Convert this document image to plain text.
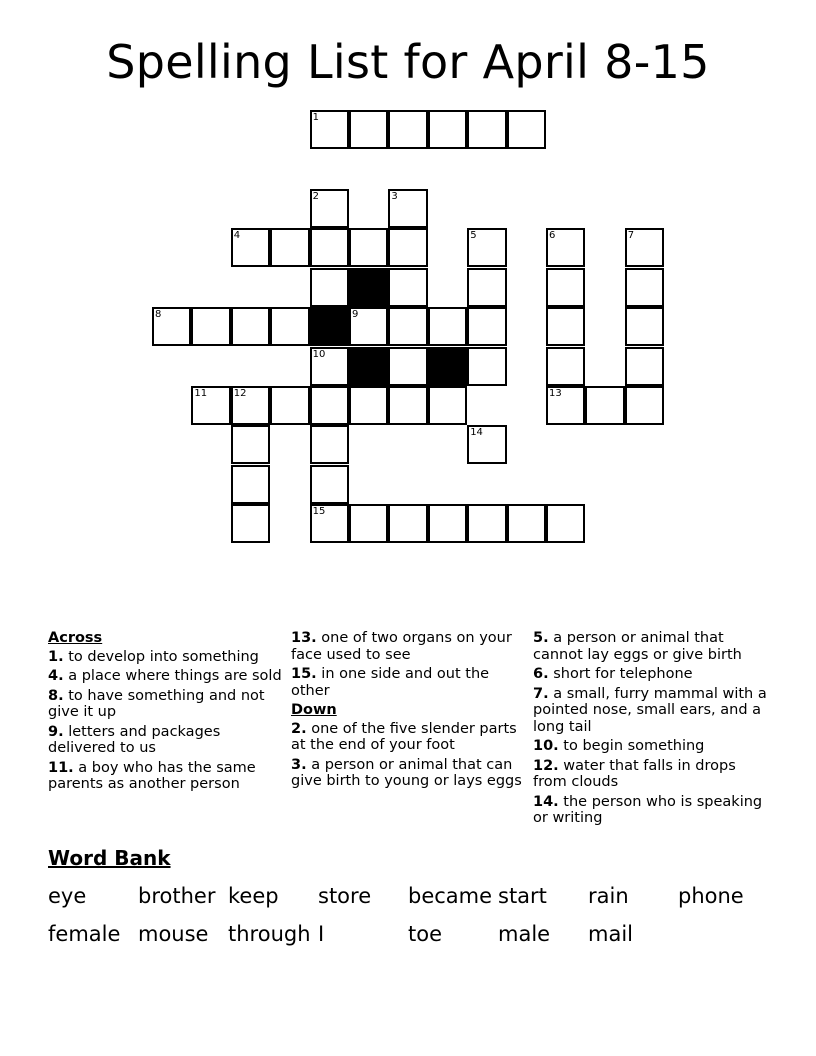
Spelling List for April 8-15
1
2	3
4	5	6	7
8	9
10
11	12	13
14
15
Across
1. to develop into something
4. a place where things are sold
8. to have something and not give it up
9. letters and packages delivered to us
11. a boy who has the same parents as another person
13. one of two organs on your face used to see
15. in one side and out the other
Down
2. one of the five slender parts at the end of your foot
3. a person or animal that can give birth to young or lays eggs
5. a person or animal that cannot lay eggs or give birth
6. short for telephone
7. a small, furry mammal with a pointed nose, small ears, and a long tail
10. to begin something
12. water that falls in drops from clouds
14. the person who is speaking or writing
Word Bank
eye brother keep store became start rain phone
female mouse through I	toe	male mail
